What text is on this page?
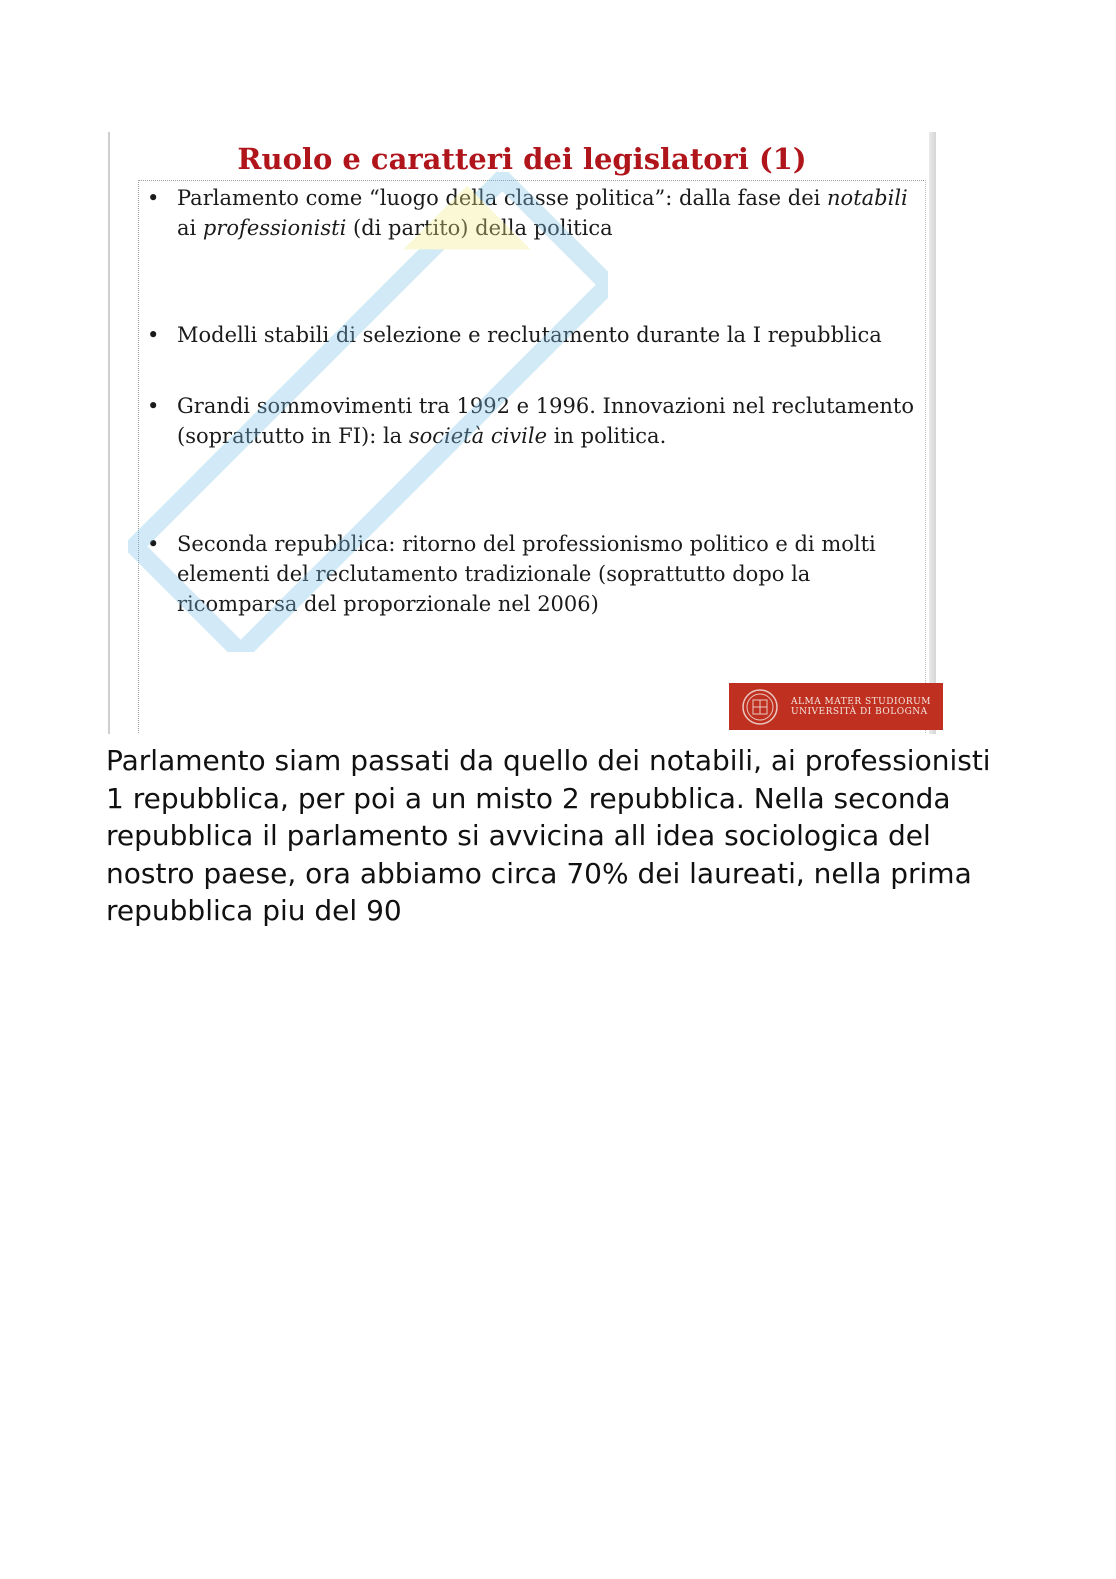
Ruolo e caratteri dei legislatori (1)
• Parlamento come “luogo della classe politica”: dalla fase dei notabili ai professionisti (di partito) della politica
• Modelli stabili di selezione e reclutamento durante la I repubblica
• Grandi sommovimenti tra 1992 e 1996. Innovazioni nel reclutamento (soprattutto in FI): la società civile in politica.
• Seconda repubblica: ritorno del professionismo politico e di molti elementi del reclutamento tradizionale (soprattutto dopo la ricomparsa del proporzionale nel 2006)
ALMA MATER STUDIORUM
UNIVERSITÀ DI BOLOGNA

Parlamento siam passati da quello dei notabili, ai professionisti 1 repubblica, per poi a un misto 2 repubblica. Nella seconda repubblica il parlamento si avvicina all idea sociologica del nostro paese, ora abbiamo circa 70% dei laureati, nella prima repubblica piu del 90
